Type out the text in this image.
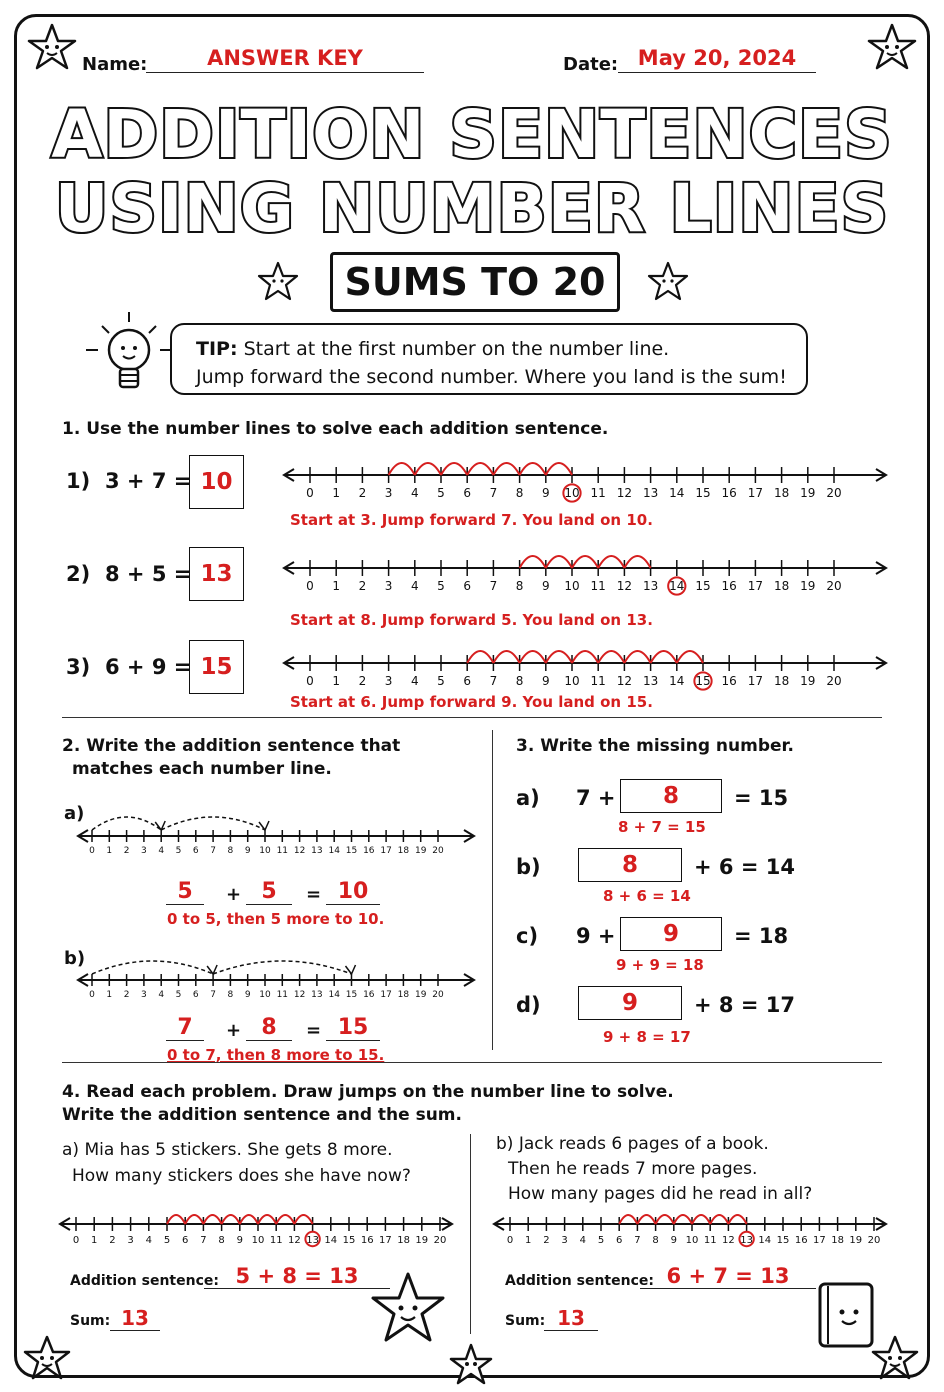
Name:	ANSWER KEY	Date: May 20, 2024
ADDITION SENTENCES
USING NUMBER LINES
SUMS TO 20
TIP: Start at the first number on the number line.
Jump forward the second number. Where you land is the sum!
1. Use the number lines to solve each addition sentence.
1) 3 + 7 = 10	0 1 2 3 4 5 6 7 8 9 10 11 12 13 14 15 16 17 18 19 20
Start at 3. Jump forward 7. You land on 10.
2) 8 + 5 = 13	0 1 2 3 4 5 6 7 8 9 10 11 12 13 14 15 16 17 18 19 20
Start at 8. Jump forward 5. You land on 13.
3) 6 + 9 = 15
0 1 2 3 4 5 6 7 8 9 10 11 12 13 14 15 16 17 18 19 20
Start at 6. Jump forward 9. You land on 15.
2. Write the addition sentence that
matches each number line.
a)
0 1 2 3 4 5 6 7 8 9 10 11 12 13 14 15 16 17 18 19 20
5	+ 5	= 10
0 to 5, then 5 more to 10.
b)
0 1 2 3 4 5 6 7 8 9 10 11 12 13 14 15 16 17 18 19 20
7	+ 8	= 15
0 to 7, then 8 more to 15.
3. Write the missing number.
a) 7 +	8	= 15
8 + 7 = 15
b)	8	+ 6 = 14
8 + 6 = 14
c) 9 +	9	= 18
9 + 9 = 18
d)	9	+ 8 = 17
9 + 8 = 17
4. Read each problem. Draw jumps on the number line to solve.
Write the addition sentence and the sum.
a) Mia has 5 stickers. She gets 8 more.
How many stickers does she have now?
0 1 2 3 4 5 6 7 8 9 10 11 12 13 14 15 16 17 18 19 20
Addition sentence: 5 + 8 = 13
Sum: 13
b) Jack reads 6 pages of a book.
Then he reads 7 more pages.
How many pages did he read in all?
0 1 2 3 4 5 6 7 8 9 10 11 12 13 14 15 16 17 18 19 20
Addition sentence: 6 + 7 = 13
Sum: 13
